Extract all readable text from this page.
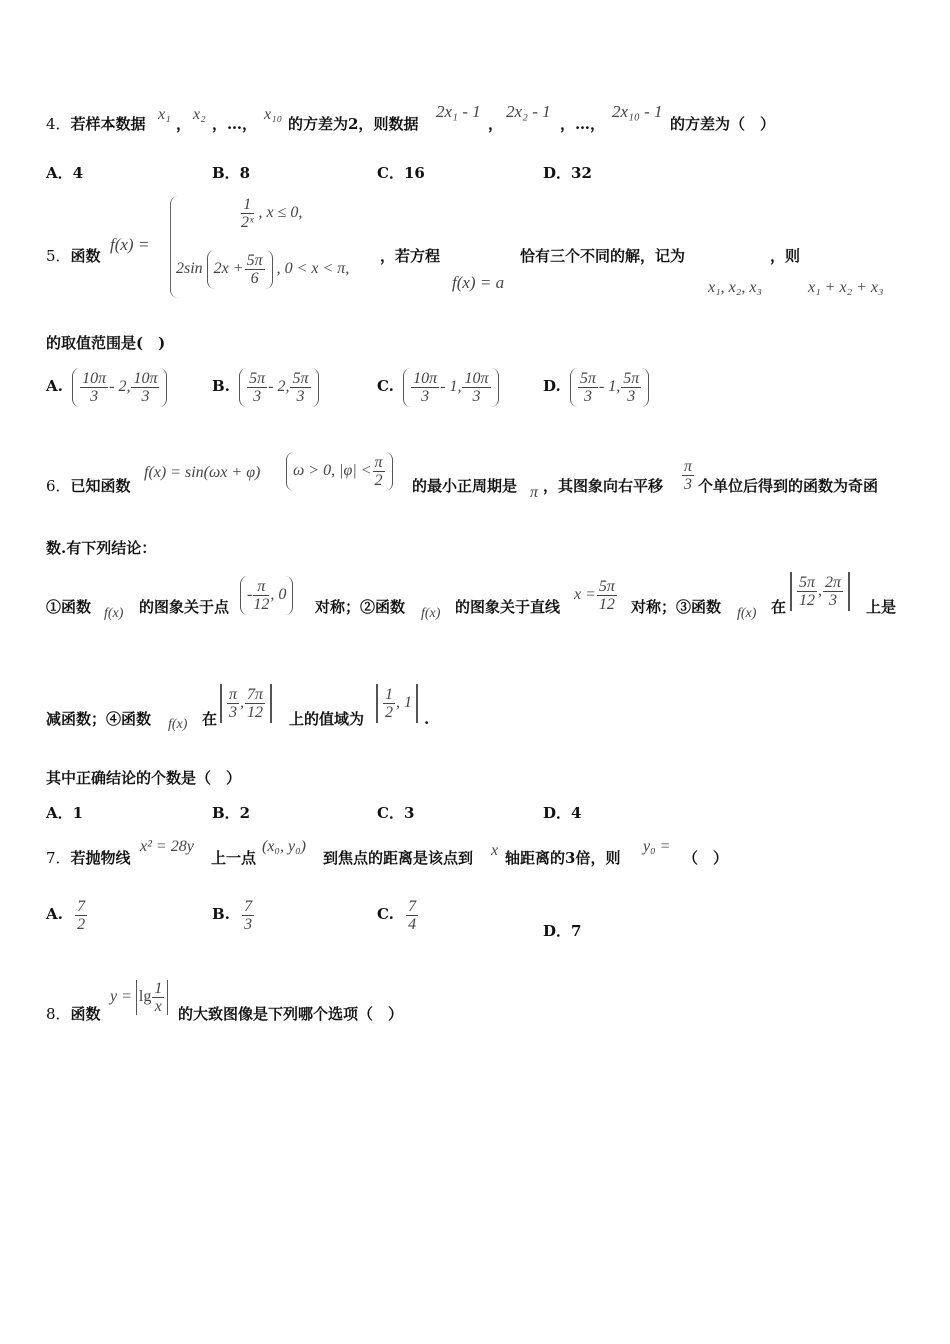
4．若样本数据
x₁
，
x₂
，…，
x₁₀
的方差为2，则数据
2x₁ - 1
，
2x₂ - 1
，…，
2x₁₀ - 1
的方差为（　）
A．4	B．8	C．16	D．32
5．函数
f(x) =
$\frac{1}{\text{2ˣ}}$ , x ≤ 0,
2sin $2x + \frac{5\pi}{6}$ , 0 < x < π,
，若方程
f(x) = a
恰有三个不同的解，记为
x₁, x₂, x₃
，则
x₁ + x₂ + x₃
的取值范围是(　)
A. $\frac{10\pi}{3} - 2$, $\frac{10\pi}{3}$	B. $\frac{5\pi}{3} - 2$, $\frac{5\pi}{3}$	C. $\frac{10\pi}{3} - 1$, $\frac{10\pi}{3}$	D. $\frac{5\pi}{3} - 1$, $\frac{5\pi}{3}$
6．已知函数
f(x) = sin(ωx + φ)	ω > 0, $|\varphi| < \frac{\pi}{2}$ 的最小正周期是 π ，其图象向右平移 $\frac{\pi}{3}$ 个单位后得到的函数为奇函
数.有下列结论：
①函数 f(x) 的图象关于点
- $\frac{\pi}{12}$ , 0
对称；②函数 f(x) 的图象关于直线
$x = \frac{5\pi}{12}$ 对称；③函数 f(x) 在 $\frac{5\pi}{12}$ , $\frac{2\pi}{3}$ 上是
减函数；④函数 f(x) 在 $\frac{\pi}{3}$ , $\frac{7\pi}{12}$ 上的值域为 $\frac{1}{2}$ , 1
.
其中正确结论的个数是（　）
A．1	B．2	C．3	D．4
7．若抛物线
x² = 28y
上一点
(x₀, y₀)
到焦点的距离是该点到 x 轴距离的3倍，则
y₀ =
（　）
A. $\frac{7}{2}$	B. $\frac{7}{3}$	C. $\frac{7}{4}$	D．7
8．函数
$y = \lg \frac{1}{x}$ 的大致图像是下列哪个选项（　）
